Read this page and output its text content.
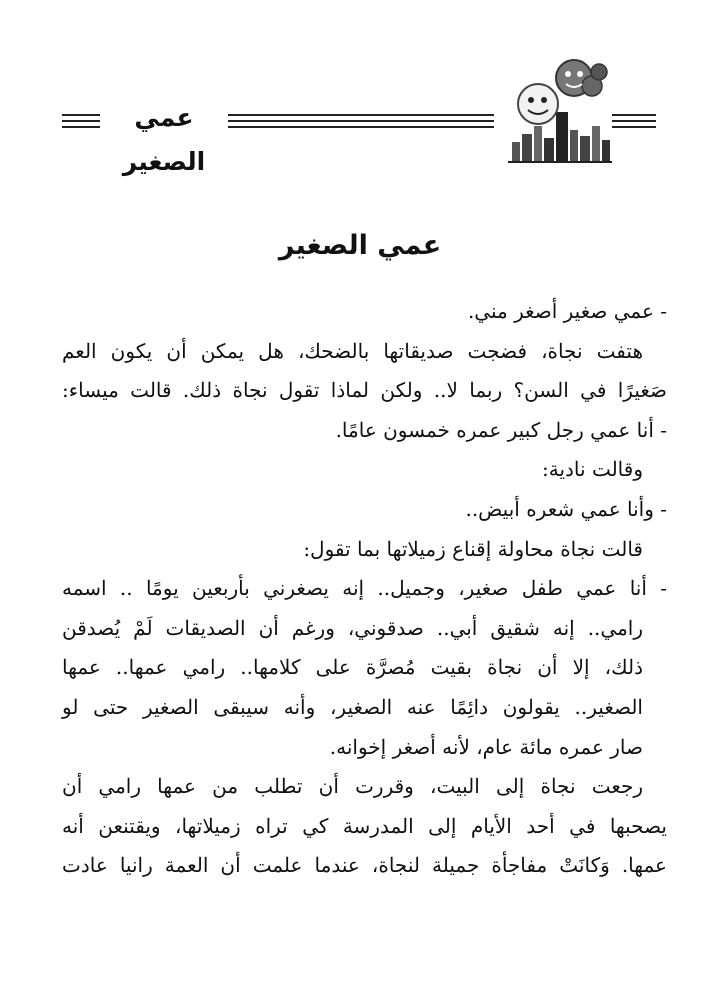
عمي الصغير
عمي الصغير
- عمي صغير أصغر مني.
هتفت نجاة، فضجت صديقاتها بالضحك، هل يمكن أن يكون العم
صَغيرًا في السن؟ ربما لا.. ولكن لماذا تقول نجاة ذلك. قالت ميساء:
- أنا عمي رجل كبير عمره خمسون عامًا.
وقالت نادية:
- وأنا عمي شعره أبيض..
قالت نجاة محاولة إقناع زميلاتها بما تقول:
- أنا عمي طفل صغير، وجميل.. إنه يصغرني بأربعين يومًا .. اسمه
رامي.. إنه شقيق أبي.. صدقوني، ورغم أن الصديقات لَمْ يُصدقن
ذلك، إلا أن نجاة بقيت مُصرَّة على كلامها.. رامي عمها.. عمها
الصغير.. يقولون دائِمًا عنه الصغير، وأنه سيبقى الصغير حتى لو
صار عمره مائة عام، لأنه أصغر إخوانه.
رجعت نجاة إلى البيت، وقررت أن تطلب من عمها رامي أن
يصحبها في أحد الأيام إلى المدرسة كي تراه زميلاتها، ويقتنعن أنه
عمها. وَكانَتْ مفاجأة جميلة لنجاة، عندما علمت أن العمة رانيا عادت
